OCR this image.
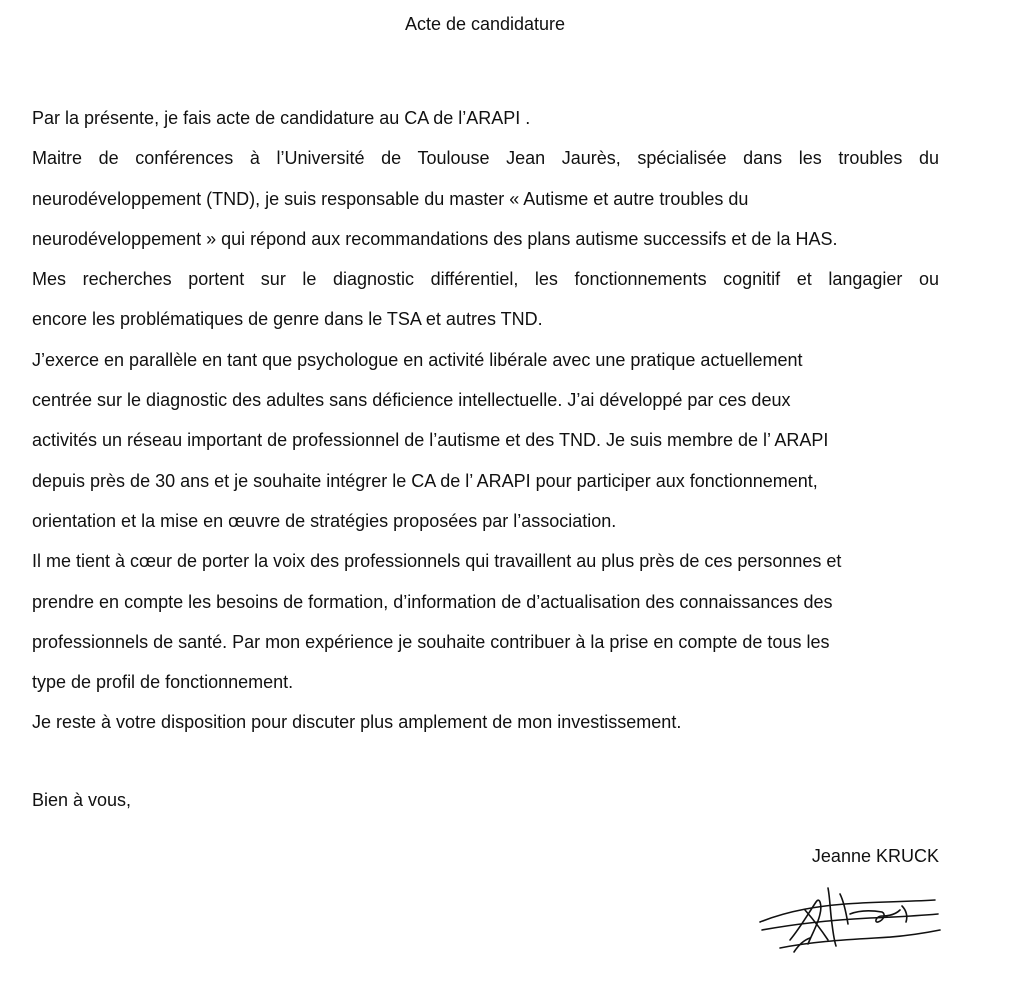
Acte de candidature
Par la présente, je fais acte de candidature au CA de l’ARAPI .
Maitre de conférences à l’Université de Toulouse Jean Jaurès, spécialisée dans les troubles du
neurodéveloppement (TND), je suis responsable du master « Autisme et autre troubles du
neurodéveloppement » qui répond aux recommandations des plans autisme successifs et de la HAS.
Mes recherches portent sur le diagnostic différentiel, les fonctionnements cognitif et langagier ou
encore les problématiques de genre dans le TSA et autres TND.
J’exerce en parallèle en tant que psychologue en activité libérale avec une pratique actuellement
centrée sur le diagnostic des adultes sans déficience intellectuelle. J’ai développé par ces deux
activités un réseau important de professionnel de l’autisme et des TND. Je suis membre de l’ ARAPI
depuis près de 30 ans et je souhaite intégrer le CA de l’ ARAPI pour participer aux fonctionnement,
orientation et la mise en œuvre de stratégies proposées par l’association.
Il me tient à cœur de porter la voix des professionnels qui travaillent au plus près de ces personnes et
prendre en compte les besoins de formation, d’information de d’actualisation des connaissances des
professionnels de santé. Par mon expérience je souhaite contribuer à la prise en compte de tous les
type de profil de fonctionnement.
Je reste à votre disposition pour discuter plus amplement de mon investissement.
Bien à vous,
Jeanne KRUCK
